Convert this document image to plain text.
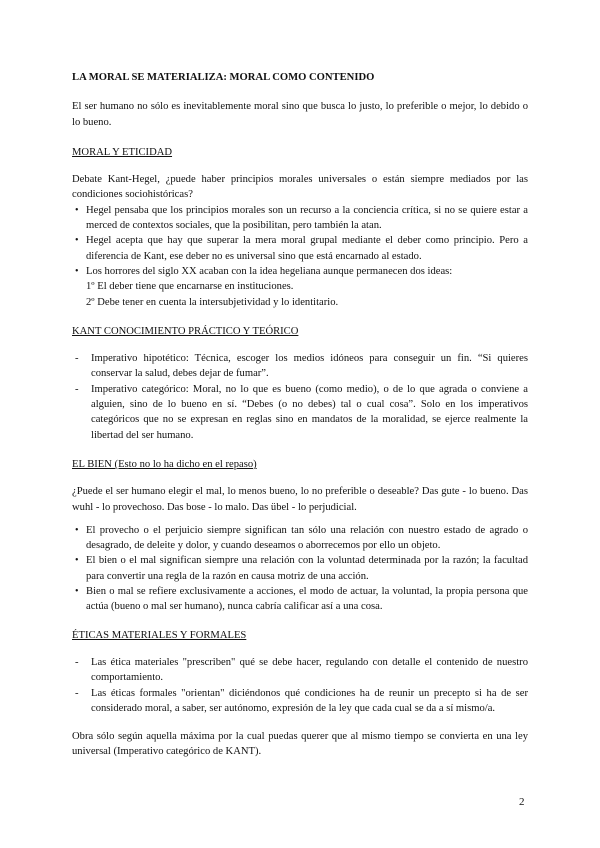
LA MORAL SE MATERIALIZA: MORAL COMO CONTENIDO

El ser humano no sólo es inevitablemente moral sino que busca lo justo, lo preferible o mejor, lo debido o lo bueno.

MORAL Y ETICIDAD

Debate Kant-Hegel, ¿puede haber principios morales universales o están siempre mediados por las condiciones sociohistóricas?

• Hegel pensaba que los principios morales son un recurso a la conciencia crítica, si no se quiere estar a merced de contextos sociales, que la posibilitan, pero también la atan.
• Hegel acepta que hay que superar la mera moral grupal mediante el deber como principio. Pero a diferencia de Kant, ese deber no es universal sino que está encarnado al estado.
• Los horrores del siglo XX acaban con la idea hegeliana aunque permanecen dos ideas:
1º El deber tiene que encarnarse en instituciones.
2º Debe tener en cuenta la intersubjetividad y lo identitario.
KANT CONOCIMIENTO PRÁCTICO Y TEÓRICO
- Imperativo hipotético: Técnica, escoger los medios idóneos para conseguir un fin. “Si quieres conservar la salud, debes dejar de fumar”.
- Imperativo categórico: Moral, no lo que es bueno (como medio), o de lo que agrada o conviene a alguien, sino de lo bueno en sí. “Debes (o no debes) tal o cual cosa”. Solo en los imperativos categóricos que no se expresan en reglas sino en mandatos de la moralidad, se ejerce realmente la libertad del ser humano.
EL BIEN (Esto no lo ha dicho en el repaso)

¿Puede el ser humano elegir el mal, lo menos bueno, lo no preferible o deseable? Das gute - lo bueno. Das wuhl - lo provechoso. Das bose - lo malo. Das übel - lo perjudicial.

• El provecho o el perjuicio siempre significan tan sólo una relación con nuestro estado de agrado o desagrado, de deleite y dolor, y cuando deseamos o aborrecemos por ello un objeto.
• El bien o el mal significan siempre una relación con la voluntad determinada por la razón; la facultad para convertir una regla de la razón en causa motriz de una acción.
• Bien o mal se refiere exclusivamente a acciones, el modo de actuar, la voluntad, la propia persona que actúa (bueno o mal ser humano), nunca cabría calificar así a una cosa.
ÉTICAS MATERIALES Y FORMALES
- Las ética materiales "prescriben" qué se debe hacer, regulando con detalle el contenido de nuestro comportamiento.
- Las éticas formales "orientan" diciéndonos qué condiciones ha de reunir un precepto si ha de ser considerado moral, a saber, ser autónomo, expresión de la ley que cada cual se da a sí mismo/a.

Obra sólo según aquella máxima por la cual puedas querer que al mismo tiempo se convierta en una ley universal (Imperativo categórico de KANT).

2
